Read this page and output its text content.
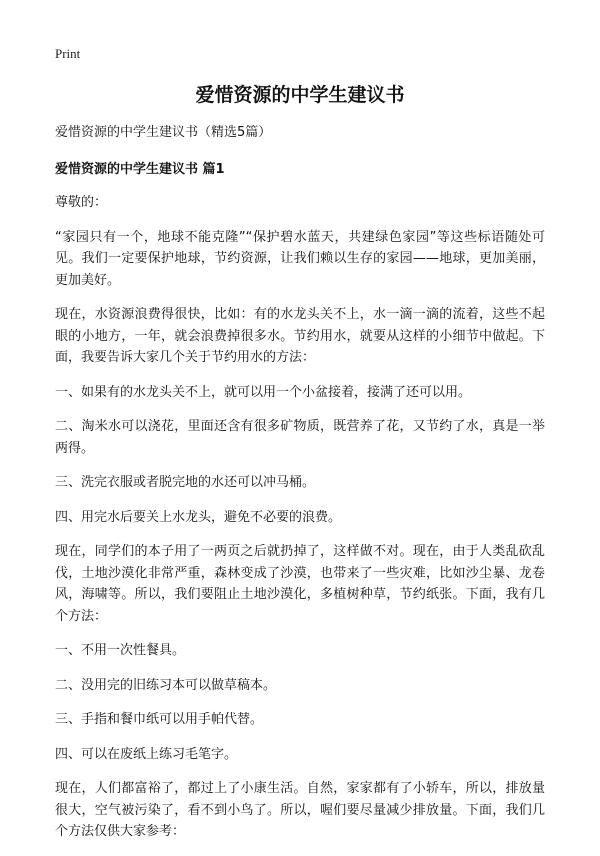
Print
爱惜资源的中学生建议书
爱惜资源的中学生建议书（精选5篇）
爱惜资源的中学生建议书 篇1

尊敬的：

“家园只有一个，地球不能克隆”“保护碧水蓝天，共建绿色家园”等这些标语随处可见。我们一定要保护地球，节约资源，让我们赖以生存的家园——地球，更加美丽，更加美好。

现在，水资源浪费得很快，比如：有的水龙头关不上，水一滴一滴的流着，这些不起眼的小地方，一年，就会浪费掉很多水。节约用水，就要从这样的小细节中做起。下面，我要告诉大家几个关于节约用水的方法：

一、如果有的水龙头关不上，就可以用一个小盆接着，接满了还可以用。

二、淘米水可以浇花，里面还含有很多矿物质，既营养了花，又节约了水，真是一举两得。

三、洗完衣服或者脱完地的水还可以冲马桶。

四、用完水后要关上水龙头，避免不必要的浪费。

现在，同学们的本子用了一两页之后就扔掉了，这样做不对。现在，由于人类乱砍乱伐，土地沙漠化非常严重，森林变成了沙漠，也带来了一些灾难，比如沙尘暴、龙卷风，海啸等。所以，我们要阻止土地沙漠化，多植树种草，节约纸张。下面，我有几个方法：

一、不用一次性餐具。

二、没用完的旧练习本可以做草稿本。

三、手指和餐巾纸可以用手帕代替。

四、可以在废纸上练习毛笔字。

现在，人们都富裕了，都过上了小康生活。自然，家家都有了小轿车，所以，排放量很大，空气被污染了，看不到小鸟了。所以，喔们要尽量减少排放量。下面，我们几个方法仅供大家参考：
